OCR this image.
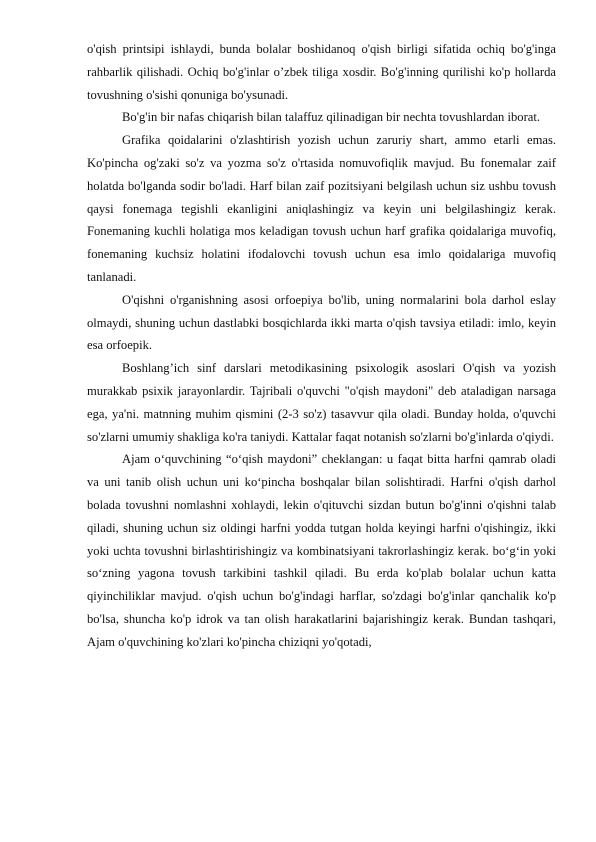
o'qish printsipi ishlaydi, bunda bolalar boshidanoq o'qish birligi sifatida ochiq bo'g'inga rahbarlik qilishadi. Ochiq bo'g'inlar o’zbek tiliga xosdir. Bo'g'inning qurilishi ko'p hollarda tovushning o'sishi qonuniga bo'ysunadi.

Bo'g'in bir nafas chiqarish bilan talaffuz qilinadigan bir nechta tovushlardan iborat.

Grafika qoidalarini o'zlashtirish yozish uchun zaruriy shart, ammo etarli emas. Ko'pincha og'zaki so'z va yozma so'z o'rtasida nomuvofiqlik mavjud. Bu fonemalar zaif holatda bo'lganda sodir bo'ladi. Harf bilan zaif pozitsiyani belgilash uchun siz ushbu tovush qaysi fonemaga tegishli ekanligini aniqlashingiz va keyin uni belgilashingiz kerak. Fonemaning kuchli holatiga mos keladigan tovush uchun harf grafika qoidalariga muvofiq, fonemaning kuchsiz holatini ifodalovchi tovush uchun esa imlo qoidalariga muvofiq tanlanadi.

O'qishni o'rganishning asosi orfoepiya bo'lib, uning normalarini bola darhol eslay olmaydi, shuning uchun dastlabki bosqichlarda ikki marta o'qish tavsiya etiladi: imlo, keyin esa orfoepik.

Boshlang’ich sinf darslari metodikasining psixologik asoslari O'qish va yozish murakkab psixik jarayonlardir. Tajribali o'quvchi "o'qish maydoni" deb ataladigan narsaga ega, ya'ni. matnning muhim qismini (2-3 so'z) tasavvur qila oladi. Bunday holda, o'quvchi so'zlarni umumiy shakliga ko'ra taniydi. Kattalar faqat notanish so'zlarni bo'g'inlarda o'qiydi.

Ajam o‘quvchining “o‘qish maydoni” cheklangan: u faqat bitta harfni qamrab oladi va uni tanib olish uchun uni ko‘pincha boshqalar bilan solishtiradi. Harfni o'qish darhol bolada tovushni nomlashni xohlaydi, lekin o'qituvchi sizdan butun bo'g'inni o'qishni talab qiladi, shuning uchun siz oldingi harfni yodda tutgan holda keyingi harfni o'qishingiz, ikki yoki uchta tovushni birlashtirishingiz va kombinatsiyani takrorlashingiz kerak. bo‘g‘in yoki so‘zning yagona tovush tarkibini tashkil qiladi. Bu erda ko'plab bolalar uchun katta qiyinchiliklar mavjud. o'qish uchun bo'g'indagi harflar, so'zdagi bo'g'inlar qanchalik ko'p bo'lsa, shuncha ko'p idrok va tan olish harakatlarini bajarishingiz kerak. Bundan tashqari, Ajam o'quvchining ko'zlari ko'pincha chiziqni yo'qotadi,
